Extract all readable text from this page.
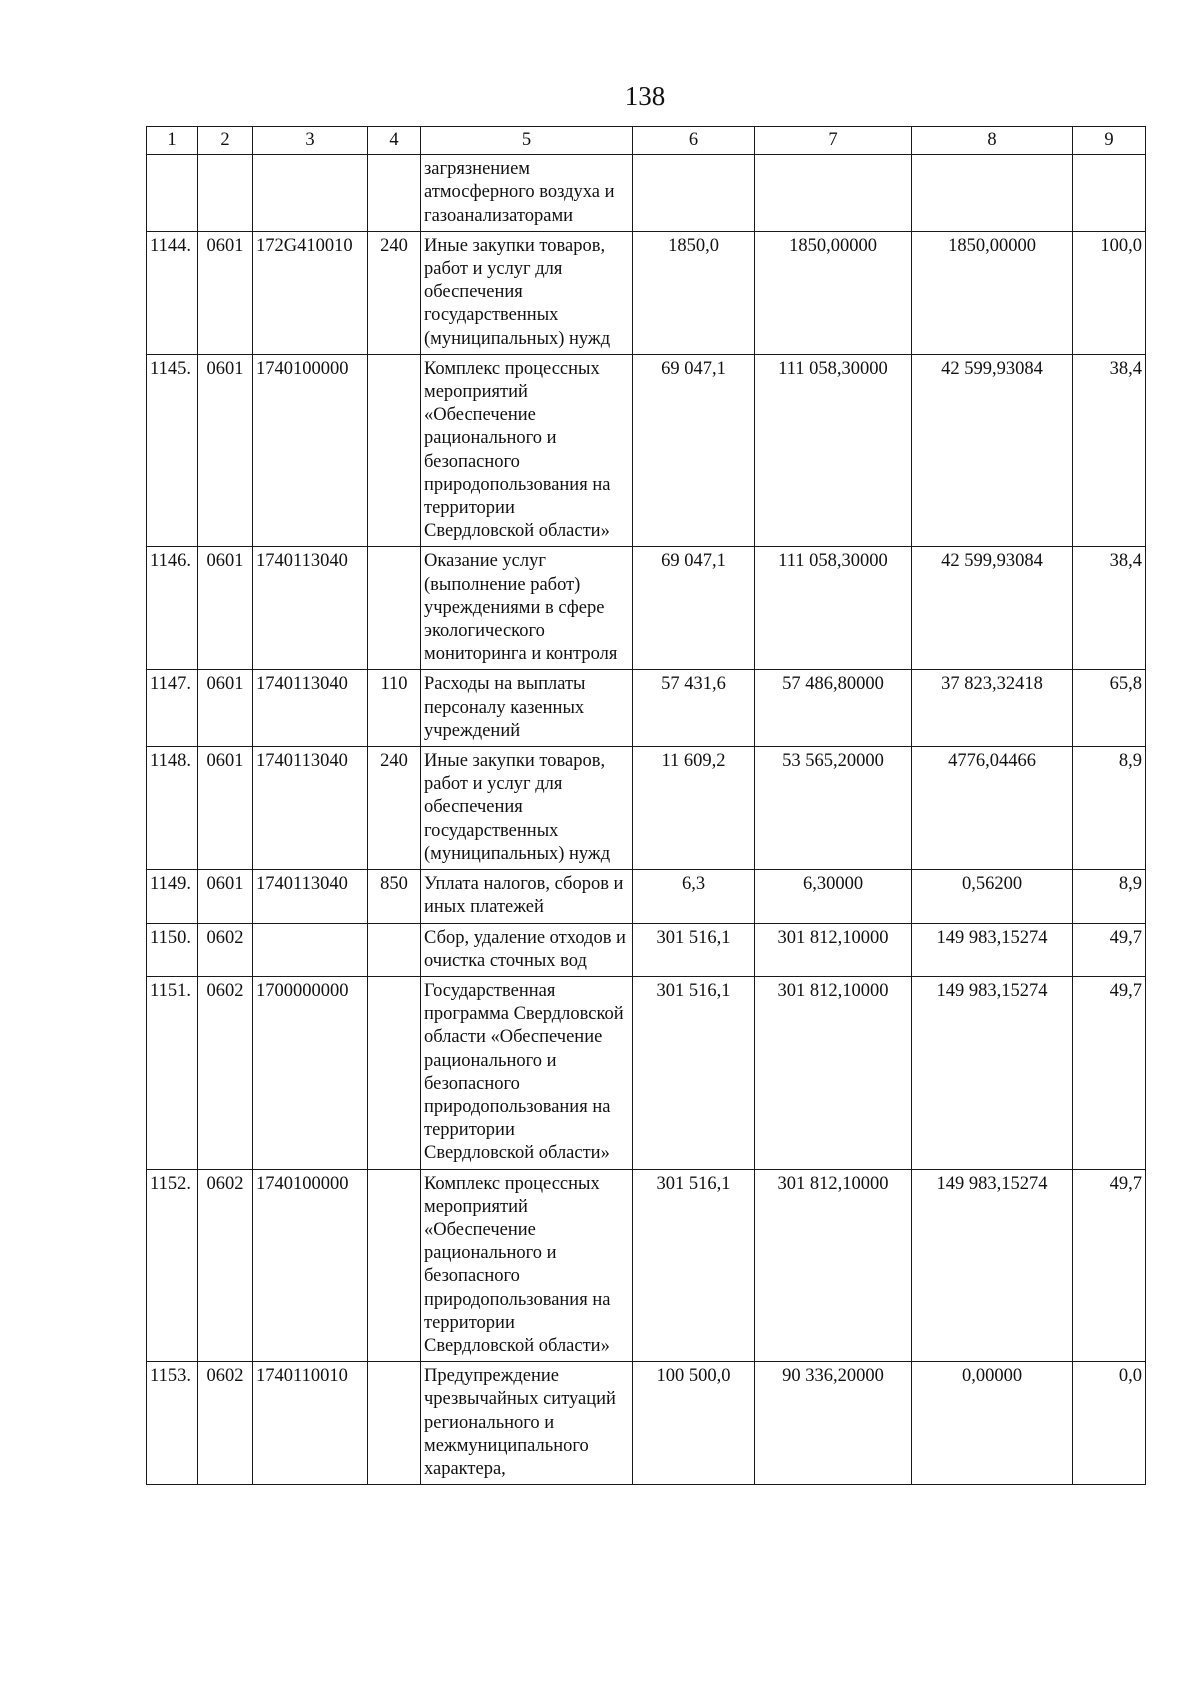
138
1	2	3	4	5	6	7	8	9
				загрязнением атмосферного воздуха и газоанализаторами				
1144.	0601	172G410010	240	Иные закупки товаров, работ и услуг для обеспечения государственных (муниципальных) нужд	1850,0	1850,00000	1850,00000	100,0
1145.	0601	1740100000		Комплекс процессных мероприятий «Обеспечение рационального и безопасного природопользования на территории Свердловской области»	69 047,1	111 058,30000	42 599,93084	38,4
1146.	0601	1740113040		Оказание услуг (выполнение работ) учреждениями в сфере экологического мониторинга и контроля	69 047,1	111 058,30000	42 599,93084	38,4
1147.	0601	1740113040	110	Расходы на выплаты персоналу казенных учреждений	57 431,6	57 486,80000	37 823,32418	65,8
1148.	0601	1740113040	240	Иные закупки товаров, работ и услуг для обеспечения государственных (муниципальных) нужд	11 609,2	53 565,20000	4776,04466	8,9
1149.	0601	1740113040	850	Уплата налогов, сборов и иных платежей	6,3	6,30000	0,56200	8,9
1150.	0602			Сбор, удаление отходов и очистка сточных вод	301 516,1	301 812,10000	149 983,15274	49,7
1151.	0602	1700000000		Государственная программа Свердловской области «Обеспечение рационального и безопасного природопользования на территории Свердловской области»	301 516,1	301 812,10000	149 983,15274	49,7
1152.	0602	1740100000		Комплекс процессных мероприятий «Обеспечение рационального и безопасного природопользования на территории Свердловской области»	301 516,1	301 812,10000	149 983,15274	49,7
1153.	0602	1740110010		Предупреждение чрезвычайных ситуаций регионального и межмуниципального характера,	100 500,0	90 336,20000	0,00000	0,0
